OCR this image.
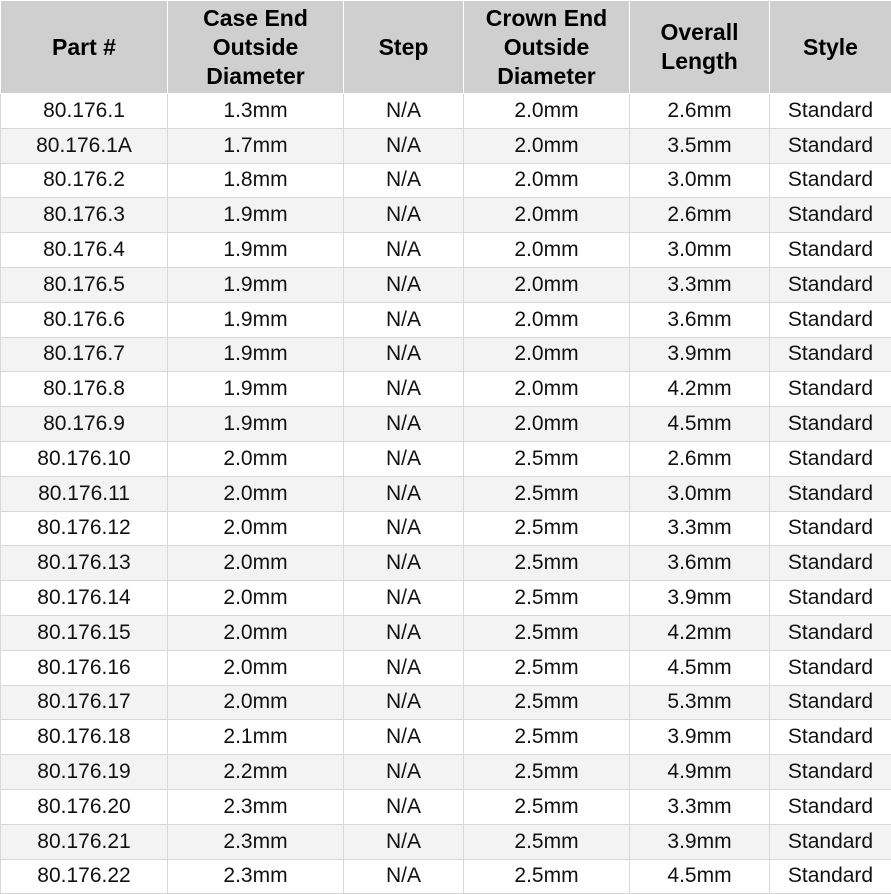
Part #	Case End Outside Diameter	Step	Crown End Outside Diameter	Overall Length	Style
80.176.1	1.3mm	N/A	2.0mm	2.6mm	Standard
80.176.1A	1.7mm	N/A	2.0mm	3.5mm	Standard
80.176.2	1.8mm	N/A	2.0mm	3.0mm	Standard
80.176.3	1.9mm	N/A	2.0mm	2.6mm	Standard
80.176.4	1.9mm	N/A	2.0mm	3.0mm	Standard
80.176.5	1.9mm	N/A	2.0mm	3.3mm	Standard
80.176.6	1.9mm	N/A	2.0mm	3.6mm	Standard
80.176.7	1.9mm	N/A	2.0mm	3.9mm	Standard
80.176.8	1.9mm	N/A	2.0mm	4.2mm	Standard
80.176.9	1.9mm	N/A	2.0mm	4.5mm	Standard
80.176.10	2.0mm	N/A	2.5mm	2.6mm	Standard
80.176.11	2.0mm	N/A	2.5mm	3.0mm	Standard
80.176.12	2.0mm	N/A	2.5mm	3.3mm	Standard
80.176.13	2.0mm	N/A	2.5mm	3.6mm	Standard
80.176.14	2.0mm	N/A	2.5mm	3.9mm	Standard
80.176.15	2.0mm	N/A	2.5mm	4.2mm	Standard
80.176.16	2.0mm	N/A	2.5mm	4.5mm	Standard
80.176.17	2.0mm	N/A	2.5mm	5.3mm	Standard
80.176.18	2.1mm	N/A	2.5mm	3.9mm	Standard
80.176.19	2.2mm	N/A	2.5mm	4.9mm	Standard
80.176.20	2.3mm	N/A	2.5mm	3.3mm	Standard
80.176.21	2.3mm	N/A	2.5mm	3.9mm	Standard
80.176.22	2.3mm	N/A	2.5mm	4.5mm	Standard
